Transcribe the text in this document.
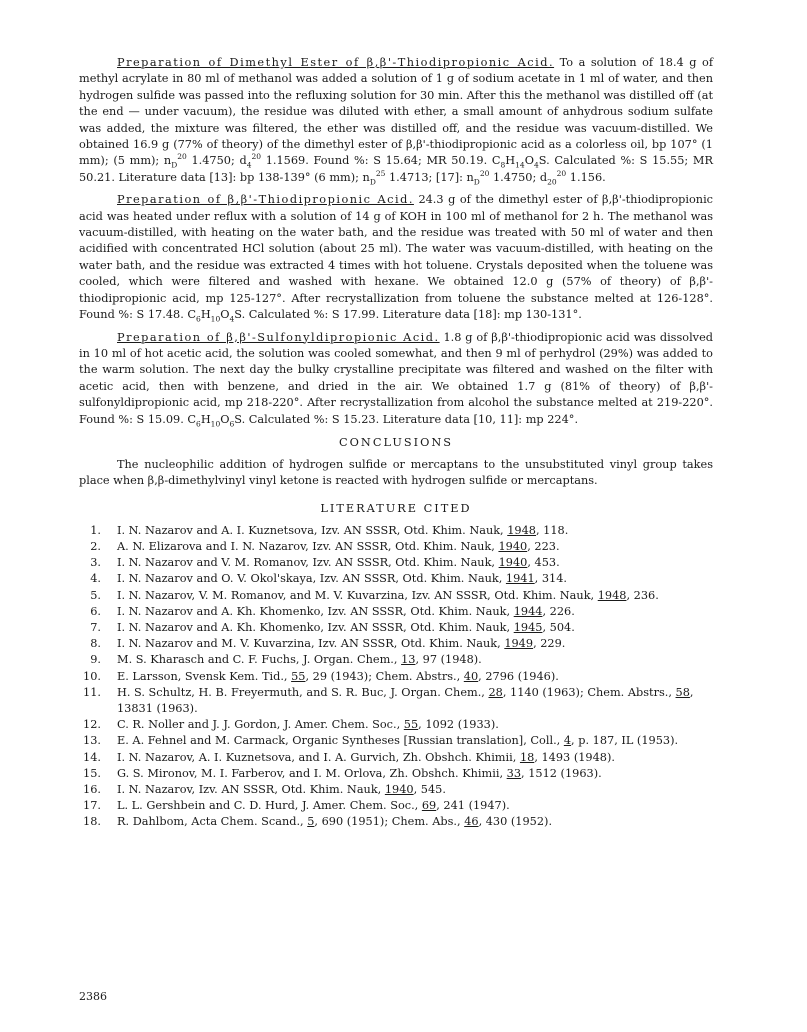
Preparation of Dimethyl Ester of β,β'-Thiodipropionic Acid. To a solution of 18.4 g of methyl acrylate in 80 ml of methanol was added a solution of 1 g of sodium acetate in 1 ml of water, and then hydrogen sulfide was passed into the refluxing solution for 30 min. After this the methanol was distilled off (at the end — under vacuum), the residue was diluted with ether, a small amount of anhydrous sodium sulfate was added, the mixture was filtered, the ether was distilled off, and the residue was vacuum-distilled. We obtained 16.9 g (77% of theory) of the dimethyl ester of β,β'-thiodipropionic acid as a colorless oil, bp 107° (1 mm); (5 mm); $n_D^{20}$ 1.4750; $d_4^{20}$ 1.1569. Found %: S 15.64; MR 50.19. $C_8H_{14}O_4S$. Calculated %: S 15.55; MR 50.21. Literature data [13]: bp 138-139° (6 mm); $n_D^{25}$ 1.4713; [17]: $n_D^{20}$ 1.4750; $d_{20}^{20}$ 1.156.

Preparation of β,β'-Thiodipropionic Acid. 24.3 g of the dimethyl ester of β,β'-thiodipropionic acid was heated under reflux with a solution of 14 g of KOH in 100 ml of methanol for 2 h. The methanol was vacuum-distilled, with heating on the water bath, and the residue was treated with 50 ml of water and then acidified with concentrated HCl solution (about 25 ml). The water was vacuum-distilled, with heating on the water bath, and the residue was extracted 4 times with hot toluene. Crystals deposited when the toluene was cooled, which were filtered and washed with hexane. We obtained 12.0 g (57% of theory) of β,β'-thiodipropionic acid, mp 125-127°. After recrystallization from toluene the substance melted at 126-128°. Found %: S 17.48. $C_6H_{10}O_4S$. Calculated %: S 17.99. Literature data [18]: mp 130-131°.

Preparation of β,β'-Sulfonyldipropionic Acid. 1.8 g of β,β'-thiodipropionic acid was dissolved in 10 ml of hot acetic acid, the solution was cooled somewhat, and then 9 ml of perhydrol (29%) was added to the warm solution. The next day the bulky crystalline precipitate was filtered and washed on the filter with acetic acid, then with benzene, and dried in the air. We obtained 1.7 g (81% of theory) of β,β'-sulfonyldipropionic acid, mp 218-220°. After recrystallization from alcohol the substance melted at 219-220°. Found %: S 15.09. $C_6H_{10}O_6S$. Calculated %: S 15.23. Literature data [10, 11]: mp 224°.

CONCLUSIONS

The nucleophilic addition of hydrogen sulfide or mercaptans to the unsubstituted vinyl group takes place when β,β-dimethylvinyl vinyl ketone is reacted with hydrogen sulfide or mercaptans.

LITERATURE CITED
1. I. N. Nazarov and A. I. Kuznetsova, Izv. AN SSSR, Otd. Khim. Nauk, 1948, 118.
2. A. N. Elizarova and I. N. Nazarov, Izv. AN SSSR, Otd. Khim. Nauk, 1940, 223.
3. I. N. Nazarov and V. M. Romanov, Izv. AN SSSR, Otd. Khim. Nauk, 1940, 453.
4. I. N. Nazarov and O. V. Okol'skaya, Izv. AN SSSR, Otd. Khim. Nauk, 1941, 314.
5. I. N. Nazarov, V. M. Romanov, and M. V. Kuvarzina, Izv. AN SSSR, Otd. Khim. Nauk, 1948, 236.
6. I. N. Nazarov and A. Kh. Khomenko, Izv. AN SSSR, Otd. Khim. Nauk, 1944, 226.
7. I. N. Nazarov and A. Kh. Khomenko, Izv. AN SSSR, Otd. Khim. Nauk, 1945, 504.
8. I. N. Nazarov and M. V. Kuvarzina, Izv. AN SSSR, Otd. Khim. Nauk, 1949, 229.
9. M. S. Kharasch and C. F. Fuchs, J. Organ. Chem., 13, 97 (1948).
10. E. Larsson, Svensk Kem. Tid., 55, 29 (1943); Chem. Abstrs., 40, 2796 (1946).
11. H. S. Schultz, H. B. Freyermuth, and S. R. Buc, J. Organ. Chem., 28, 1140 (1963); Chem. Abstrs., 58, 13831 (1963).
12. C. R. Noller and J. J. Gordon, J. Amer. Chem. Soc., 55, 1092 (1933).
13. E. A. Fehnel and M. Carmack, Organic Syntheses [Russian translation], Coll., 4, p. 187, IL (1953).
14. I. N. Nazarov, A. I. Kuznetsova, and I. A. Gurvich, Zh. Obshch. Khimii, 18, 1493 (1948).
15. G. S. Mironov, M. I. Farberov, and I. M. Orlova, Zh. Obshch. Khimii, 33, 1512 (1963).
16. I. N. Nazarov, Izv. AN SSSR, Otd. Khim. Nauk, 1940, 545.
17. L. L. Gershbein and C. D. Hurd, J. Amer. Chem. Soc., 69, 241 (1947).
18. R. Dahlbom, Acta Chem. Scand., 5, 690 (1951); Chem. Abs., 46, 430 (1952).
2386
